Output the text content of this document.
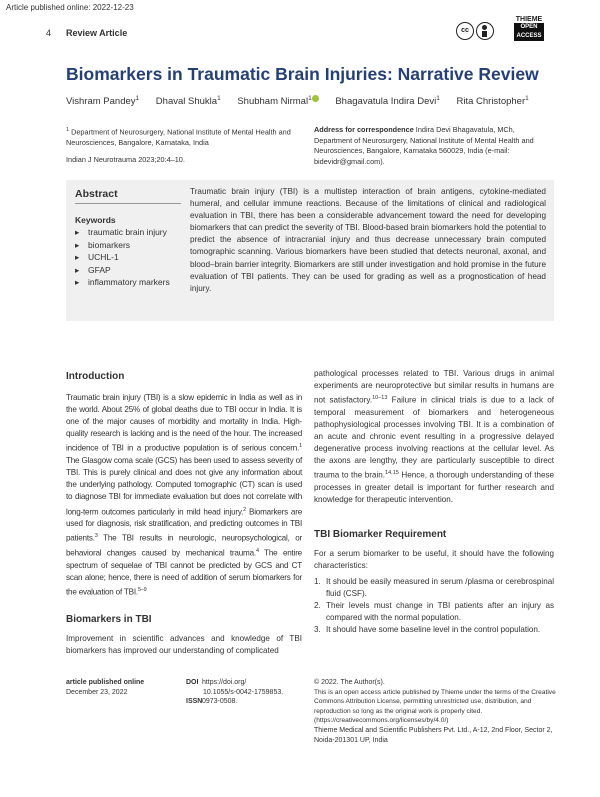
Article published online: 2022-12-23
4 Review Article	cc
THIEME
OPEN
ACCESS
Biomarkers in Traumatic Brain Injuries: Narrative Review
Vishram Pandey$^1$ Dhaval Shukla$^1$ Shubham Nirmal$^1$ Bhagavatula Indira Devi$^1$ Rita Christopher$^1$
$^1$ Department of Neurosurgery, National Institute of Mental Health and Neurosciences, Bangalore, Karnataka, India
Indian J Neurotrauma 2023;20:4–10.
Address for correspondence Indira Devi Bhagavatula, MCh, Department of Neurosurgery, National Institute of Mental Health and Neurosciences, Bangalore, Karnataka 560029, India (e-mail: bidevidr@gmail.com).
Abstract
Keywords
▸ traumatic brain injury
▸ biomarkers
▸ UCHL-1
▸ GFAP
▸ inflammatory markers
Traumatic brain injury (TBI) is a multistep interaction of brain antigens, cytokine-mediated humeral, and cellular immune reactions. Because of the limitations of clinical and radiological evaluation in TBI, there has been a considerable advancement toward the need for developing biomarkers that can predict the severity of TBI. Blood-based brain biomarkers hold the potential to predict the absence of intracranial injury and thus decrease unnecessary brain computed tomographic scanning. Various biomarkers have been studied that detects neuronal, axonal, and blood–brain barrier integrity. Biomarkers are still under investigation and hold promise in the future evaluation of TBI patients. They can be used for grading as well as a prognostication of head injury.
Introduction
Traumatic brain injury (TBI) is a slow epidemic in India as well as in the world. About 25% of global deaths due to TBI occur in India. It is one of the major causes of morbidity and mortality in India. High-quality research is lacking and is the need of the hour. The increased incidence of TBI in a productive population is of serious concern.$^1$ The Glasgow coma scale (GCS) has been used to assess severity of TBI. This is purely clinical and does not give any information about the underlying pathology. Computed tomographic (CT) scan is used to diagnose TBI for immediate evaluation but does not correlate with long-term outcomes particularly in mild head injury.$^2$ Biomarkers are used for diagnosis, risk stratification, and predicting outcomes in TBI patients.$^3$ The TBI results in neurologic, neuropsychological, or behavioral changes caused by mechanical trauma.$^4$ The entire spectrum of sequelae of TBI cannot be predicted by GCS and CT scan alone; hence, there is need of addition of serum biomarkers for the evaluation of TBI.$^{5-9}$
Biomarkers in TBI
Improvement in scientific advances and knowledge of TBI biomarkers has improved our understanding of complicated
pathological processes related to TBI. Various drugs in animal experiments are neuroprotective but similar results in humans are not satisfactory.$^{10-13}$ Failure in clinical trials is due to a lack of temporal measurement of biomarkers and heterogeneous pathophysiological processes involving TBI. It is a combination of an acute and chronic event resulting in a progressive delayed degenerative process involving reactions at the cellular level. As the axons are lengthy, they are particularly susceptible to direct trauma to the brain.$^{14,15}$ Hence, a thorough understanding of these processes in greater detail is important for further research and knowledge for therapeutic intervention.
TBI Biomarker Requirement
For a serum biomarker to be useful, it should have the following characteristics:
1. It should be easily measured in serum /plasma or cerebrospinal fluid (CSF).
2. Their levels must change in TBI patients after an injury as compared with the normal population.
3. It should have some baseline level in the control population.
article published online
December 23, 2022
DOI https://doi.org/
10.1055/s-0042-1759853.
ISSN 0973-0508.
© 2022. The Author(s).
This is an open access article published by Thieme under the terms of the Creative Commons Attribution License, permitting unrestricted use, distribution, and reproduction so long as the original work is properly cited. (https://creativecommons.org/licenses/by/4.0/)
Thieme Medical and Scientific Publishers Pvt. Ltd., A-12, 2nd Floor, Sector 2, Noida-201301 UP, India
